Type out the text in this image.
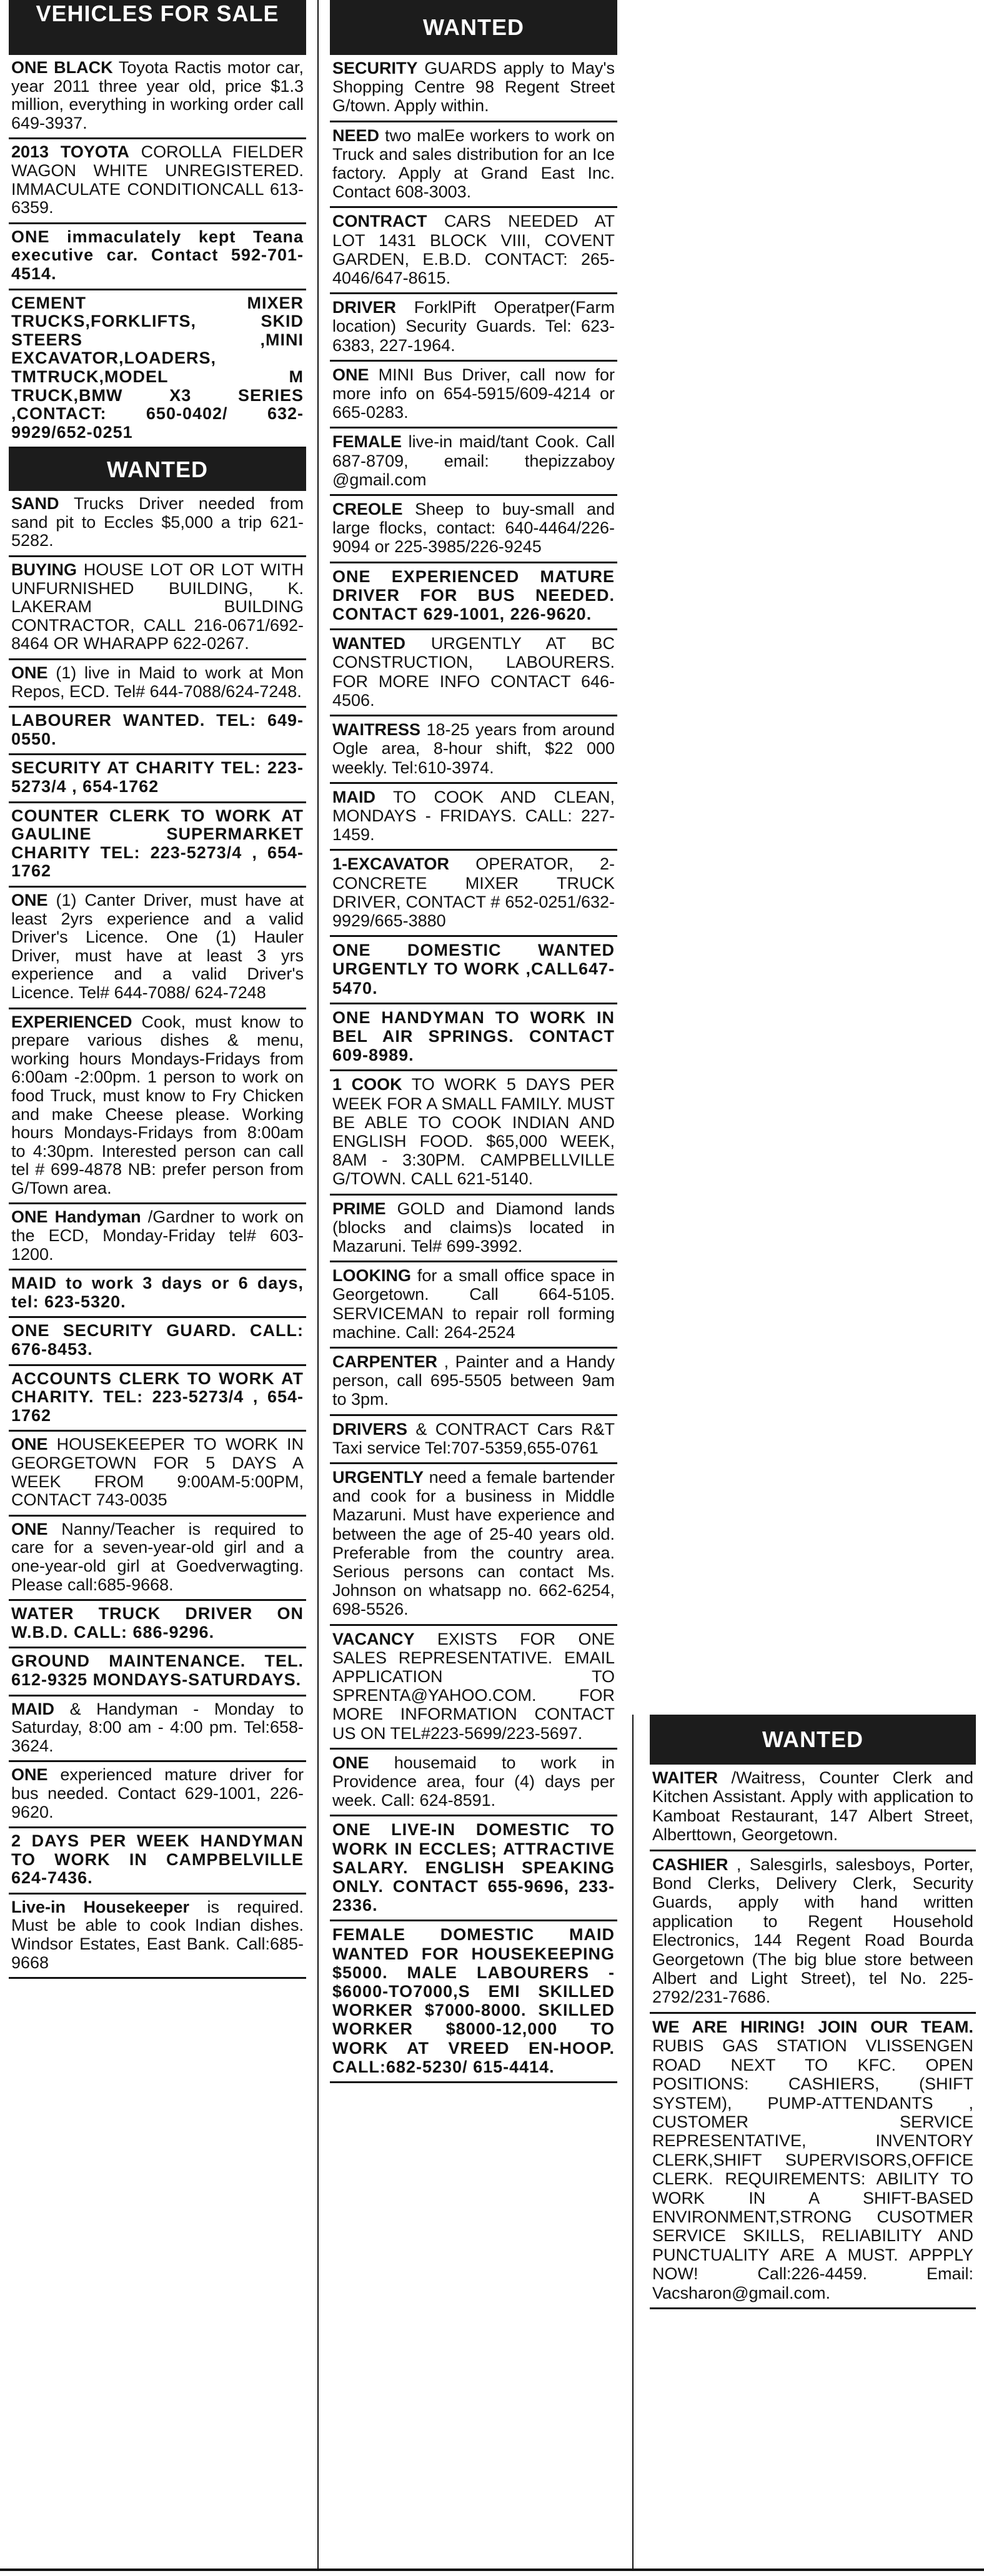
VEHICLES FOR SALE
ONE BLACK Toyota Ractis motor car, year 2011 three year old, price $1.3 million, everything in working order call 649-3937.
2013 TOYOTA COROLLA FIELDER WAGON WHITE UNREGISTERED. IMMACULATE CONDITIONCALL 613-6359.
ONE immaculately kept Teana executive car. Contact 592-701-4514.
CEMENT	MIXER TRUCKS,FORKLIFTS, SKID STEERS ,MINI EXCAVATOR,LOADERS, TMTRUCK,MODEL M TRUCK,BMW X3 SERIES ,CONTACT: 650-0402/ 632-9929/652-0251
WANTED
SAND Trucks Driver needed from sand pit to Eccles $5,000 a trip 621-5282.
BUYING HOUSE LOT OR LOT WITH UNFURNISHED BUILDING, K. LAKERAM BUILDING CONTRACTOR, CALL 216-0671/692-8464 OR WHARAPP 622-0267.
ONE (1) live in Maid to work at Mon Repos, ECD. Tel# 644-7088/624-7248.
LABOURER WANTED. TEL: 649-0550.
SECURITY AT CHARITY TEL: 223-5273/4 , 654-1762
COUNTER CLERK TO WORK AT GAULINE SUPERMARKET CHARITY TEL: 223-5273/4 , 654-1762
ONE (1) Canter Driver, must have at least 2yrs experience and a valid Driver's Licence. One (1) Hauler Driver, must have at least 3 yrs experience and a valid Driver's Licence. Tel# 644-7088/ 624-7248
EXPERIENCED Cook, must know to prepare various dishes & menu, working hours Mondays-Fridays from 6:00am -2:00pm. 1 person to work on food Truck, must know to Fry Chicken and make Cheese please. Working hours Mondays-Fridays from 8:00am to 4:30pm. Interested person can call tel # 699-4878 NB: prefer person from G/Town area.
ONE Handyman /Gardner to work on the ECD, Monday-Friday tel# 603-1200.
MAID to work 3 days or 6 days, tel: 623-5320.
ONE SECURITY GUARD. CALL: 676-8453.
ACCOUNTS CLERK TO WORK AT CHARITY. TEL: 223-5273/4 , 654-1762
ONE HOUSEKEEPER TO WORK IN GEORGETOWN FOR 5 DAYS A WEEK FROM 9:00AM-5:00PM, CONTACT 743-0035
ONE Nanny/Teacher is required to care for a seven-year-old girl and a one-year-old girl at Goedverwagting. Please call:685-9668.
WATER TRUCK DRIVER ON W.B.D. CALL: 686-9296.
GROUND MAINTENANCE. TEL. 612-9325 MONDAYS-SATURDAYS.
MAID & Handyman - Monday to Saturday, 8:00 am - 4:00 pm. Tel:658-3624.
ONE experienced mature driver for bus needed. Contact 629-1001, 226-9620.
2 DAYS PER WEEK HANDYMAN TO WORK IN CAMPBELVILLE 624-7436.
Live-in Housekeeper is required. Must be able to cook Indian dishes. Windsor Estates, East Bank. Call:685-9668
WANTED
SECURITY GUARDS apply to May's Shopping Centre 98 Regent Street G/town. Apply within.
NEED two malEe workers to work on Truck and sales distribution for an Ice factory. Apply at Grand East Inc. Contact 608-3003.
CONTRACT CARS NEEDED AT LOT 1431 BLOCK VIII, COVENT GARDEN, E.B.D. CONTACT: 265-4046/647-8615.
DRIVER ForklPift Operatper(Farm location) Security Guards. Tel: 623-6383, 227-1964.
ONE MINI Bus Driver, call now for more info on 654-5915/609-4214 or 665-0283.
FEMALE live-in maid/tant Cook. Call 687-8709, email: thepizzaboy @gmail.com
CREOLE Sheep to buy-small and large flocks, contact: 640-4464/226-9094 or 225-3985/226-9245
ONE EXPERIENCED MATURE DRIVER FOR BUS NEEDED. CONTACT 629-1001, 226-9620.
WANTED URGENTLY AT BC CONSTRUCTION, LABOURERS. FOR MORE INFO CONTACT 646-4506.
WAITRESS 18-25 years from around Ogle area, 8-hour shift, $22 000 weekly. Tel:610-3974.
MAID TO COOK AND CLEAN, MONDAYS - FRIDAYS. CALL: 227-1459.
1-EXCAVATOR OPERATOR, 2- CONCRETE MIXER TRUCK DRIVER, CONTACT # 652-0251/632-9929/665-3880
ONE DOMESTIC WANTED URGENTLY TO WORK ,CALL647-5470.
ONE HANDYMAN TO WORK IN BEL AIR SPRINGS. CONTACT 609-8989.
1 COOK TO WORK 5 DAYS PER WEEK FOR A SMALL FAMILY. MUST BE ABLE TO COOK INDIAN AND ENGLISH FOOD. $65,000 WEEK, 8AM - 3:30PM. CAMPBELLVILLE G/TOWN. CALL 621-5140.
PRIME GOLD and Diamond lands (blocks and claims)s located in Mazaruni. Tel# 699-3992.
LOOKING for a small office space in Georgetown. Call 664-5105. SERVICEMAN to repair roll forming machine. Call: 264-2524
CARPENTER , Painter and a Handy person, call 695-5505 between 9am to 3pm.
DRIVERS & CONTRACT Cars R&T Taxi service Tel:707-5359,655-0761
URGENTLY need a female bartender and cook for a business in Middle Mazaruni. Must have experience and between the age of 25-40 years old. Preferable from the country area. Serious persons can contact Ms. Johnson on whatsapp no. 662-6254, 698-5526.
VACANCY EXISTS FOR ONE SALES REPRESENTATIVE. EMAIL APPLICATION TO SPRENTA@YAHOO.COM. FOR MORE INFORMATION CONTACT US ON TEL#223-5699/223-5697.
ONE housemaid to work in Providence area, four (4) days per week. Call: 624-8591.
ONE LIVE-IN DOMESTIC TO WORK IN ECCLES; ATTRACTIVE SALARY. ENGLISH SPEAKING ONLY. CONTACT 655-9696, 233-2336.
FEMALE DOMESTIC MAID WANTED FOR HOUSEKEEPING $5000. MALE LABOURERS - $6000-TO7000,S EMI SKILLED WORKER $7000-8000. SKILLED WORKER $8000-12,000 TO WORK AT VREED EN-HOOP. CALL:682-5230/ 615-4414.
WANTED
WAITER /Waitress, Counter Clerk and Kitchen Assistant. Apply with application to Kamboat Restaurant, 147 Albert Street, Alberttown, Georgetown.
CASHIER , Salesgirls, salesboys, Porter, Bond Clerks, Delivery Clerk, Security Guards, apply with hand written application to Regent Household Electronics, 144 Regent Road Bourda Georgetown (The big blue store between Albert and Light Street), tel No. 225-2792/231-7686.
WE ARE HIRING! JOIN OUR TEAM. RUBIS GAS STATION VLISSENGEN ROAD NEXT TO KFC. OPEN POSITIONS: CASHIERS, (SHIFT SYSTEM), PUMP-ATTENDANTS , CUSTOMER SERVICE REPRESENTATIVE, INVENTORY CLERK,SHIFT SUPERVISORS,OFFICE CLERK. REQUIREMENTS: ABILITY TO WORK IN A SHIFT-BASED ENVIRONMENT,STRONG CUSOTMER SERVICE SKILLS, RELIABILITY AND PUNCTUALITY ARE A MUST. APPPLY NOW! Call:226-4459. Email: Vacsharon@gmail.com.
